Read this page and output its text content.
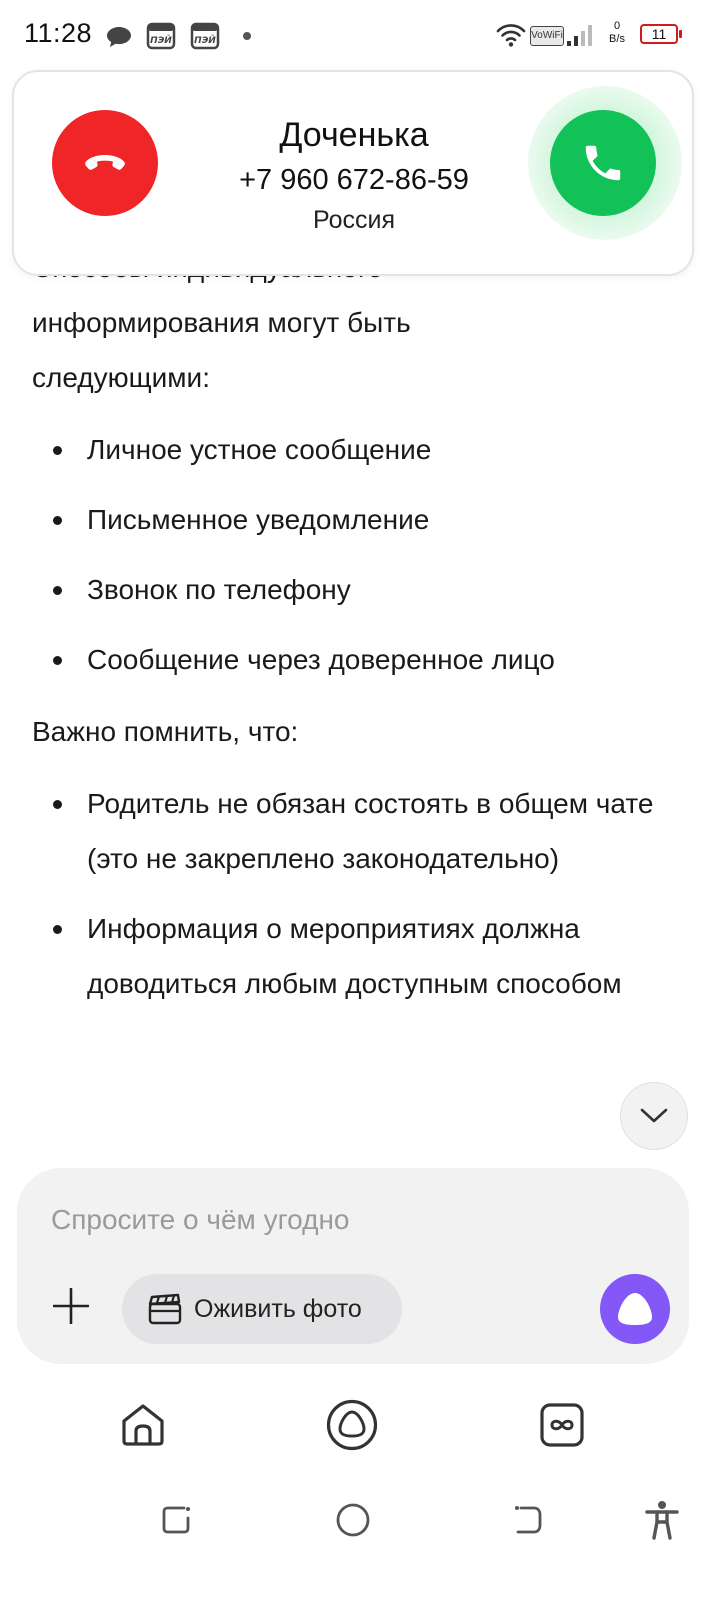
11:28	ПЭЙ ПЭЙ	VoWiFi
0
B/s	11

информирования могут быть

следующими:

Личное устное сообщение
Письменное уведомление
Звонок по телефону
Сообщение через доверенное лицо

Важно помнить, что:

Родитель не обязан состоять в общем чате (это не закреплено законодательно)
Информация о мероприятиях должна доводиться любым доступным способом
Доченька
+7 960 672-86-59
Россия
Спросите о чём угодно
Оживить фото
